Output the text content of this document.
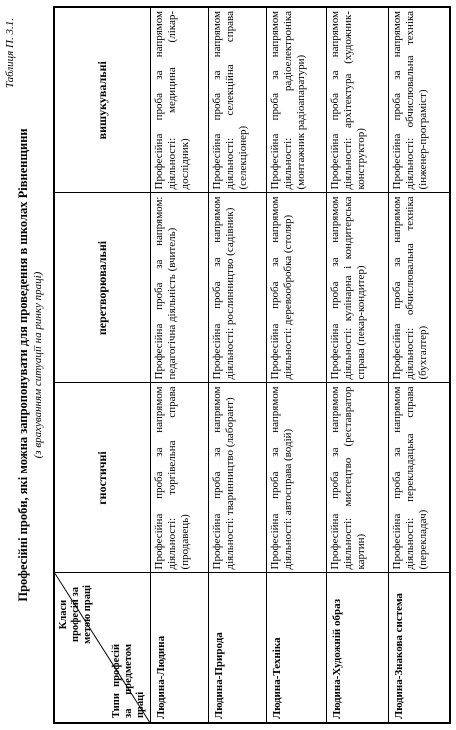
Таблиця П. 3.1.
Професійні проби, які можна запропонувати для проведення в школах Рівненщини (з врахуванням ситуації на ринку праці)
Класи професій за метою праці
Типи професій за предметом праці	гностичні	перетворювальні	вишукувальні
Людина-Людина	Професійна проба за напрямом діяльності: торгівельна справа (продавець)	Професійна проба за напрямом: педагогічна діяльність (вчитель)	Професійна проба за напрямом діяльності: медицина (лікар-дослідник)
Людина-Природа	Професійна проба за напрямом діяльності: тваринництво (лаборант)	Професійна проба за напрямом діяльності: рослинництво (садівник)	Професійна проба за напрямом діяльності: селекційна справа (селекціонер)
Людина-Техніка	Професійна проба за напрямом діяльності: автосправа (водій)	Професійна проба за напрямом діяльності: деревообробка (столяр)	Професійна проба за напрямом діяльності: радіоелектроніка (монтажник радіоапаратури)
Людина-Художній образ	Професійна проба за напрямом діяльності: мистецтво (реставратор картин)	Професійна проба за напрямом діяльності: кулінарна і кондитерська справа (пекар-кондитер)	Професійна проба за напрямом діяльності: архітектура (художник-конструктор)
Людина-Знакова система	Професійна проба за напрямом діяльності: перекладацька справа (перекладач)	Професійна проба за напрямом діяльності: обчислювальна техніка (бухгалтер)	Професійна проба за напрямом діяльності: обчислювальна техніка (інженер-програміст)
